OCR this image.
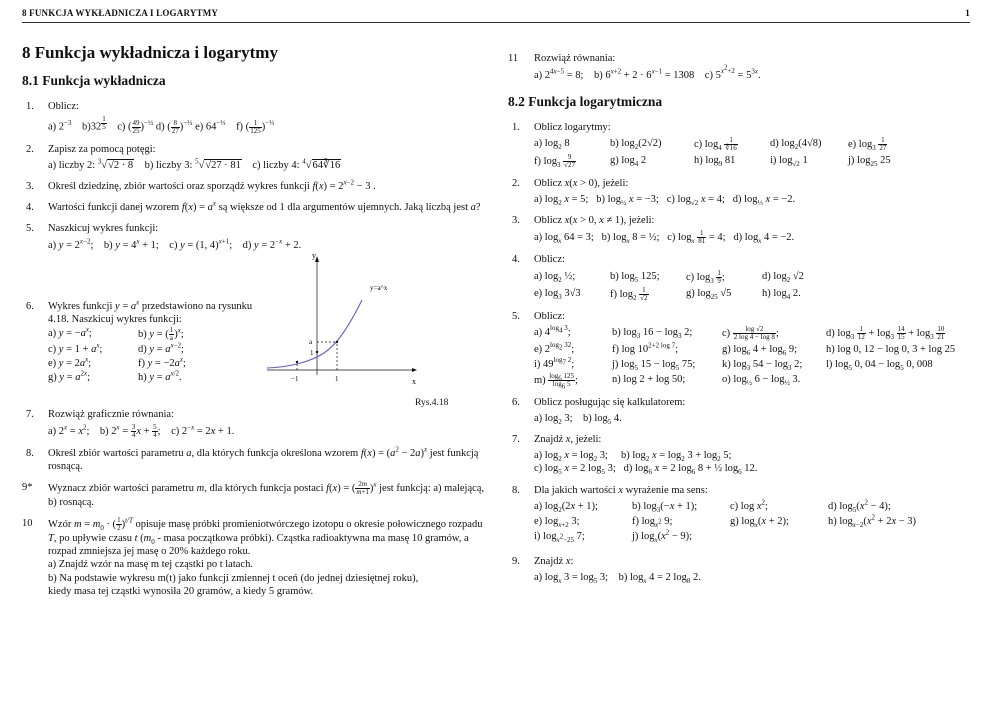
8 FUNKCJA WYKŁADNICZA I LOGARYTMY	1
8 Funkcja wykładnicza i logarytmy
8.1 Funkcja wykładnicza
1. Oblicz:
a) $2^{-3}$    b)32 $^{\frac{1}{5}}$ c) ( $\frac{49}{25} )^{-\frac{1}{2}}$ d) ( $\frac{8}{27} )^{-\frac{1}{3}}$ e) $64^{-\frac{1}{3}}$    f) ( $\frac{1}{125} )^{-\frac{1}{3}}$
2. Zapisz za pomocą potęgi:
a) liczby 2: $^3$√√2 · 8    b) liczby 3: $^5$√√27 · 81    c) liczby 4: $^4$√64∛16
3. Określ dziedzinę, zbiór wartości oraz sporządź wykres funkcji $f(x) = 2^{x-2} - 3$ .
4. Wartości funkcji danej wzorem $f(x) = a^x$ są większe od 1 dla argumentów ujemnych. Jaką liczbą jest a?
5. Naszkicuj wykres funkcji:
a) $y = 2^{x-2}$;    b) $y = 4^x + 1$;    c) y = (1, 4)$^{x+1}$;    d) $y = 2^{-x} + 2$.
6. Wykres funkcji $y = a^x$ przedstawiono na rysunku 4.18. Naszkicuj wykres funkcji:
a) $y = -a^x$;	b) y = ( $\frac{1}{a} )^x$;
c) $y = 1 + a^x$;	d) $y = a^{x-2}$;
e) $y = 2a^x$;	f) $y = -2a^x$;
g) $y = a^{2x}$;	h) $y = a^{x/2}$.
y
x
y=a^x
a
1
−1	1
Rys.4.18
7. Rozwiąż graficznie równania:
a) $2^x = x^2$;    b) $2^x = \frac{3}{4}$ $x + \frac{5}{4}$ ;    c) $2^{-x} = 2x + 1$.
8. Określ zbiór wartości parametru a, dla których funkcja określona wzorem $f(x) = (a^2 - 2a)^x$ jest funkcją rosnącą.
9* Wyznacz zbiór wartości parametru m, dla których funkcja postaci f(x) = ( $\frac{2m}{m+1} )^x$ jest funkcją: a) malejącą, b) rosnącą.
10 Wzór $m = m_0$ · ( $\frac{1}{2} )^{t/T}$ opisuje masę próbki promieniotwórczego izotopu o okresie połowicznego rozpadu T, po upływie czasu t ($m_0$ - masa początkowa próbki). Cząstka radioaktywna ma masę 10 gramów, a rozpad zmniejsza jej masę o 20% każdego roku.
a) Znajdź wzór na masę m tej cząstki po t latach.
b) Na podstawie wykresu m(t) jako funkcji zmiennej t oceń (do jednej dziesiętnej roku),
kiedy masa tej cząstki wynosiła 20 gramów, a kiedy 5 gramów.
11 Rozwiąż równania:
a) $2^{4x-5} = 8$;    b) $6^{x+2} + 2 \cdot 6^{x-1} = 1308$    c) $5^{x^2+2} = 5^{3x}$.
8.2 Funkcja logarytmiczna
1. Oblicz logarytmy:
a) $\log_2 8$	b) $\log_2(2√2)$	c) $\log_4 \frac{1}{∜16}$	d) $\log_2(4√8)$	e) $\log_3 \frac{1}{27}$
f) $\log_3 \frac{9}{√27}$	g) $\log_4 2$	h) $\log_9 81$	i) $\log_{√2} 1$	j) $\log_{25} 25$
2. Oblicz x(x > 0), jeżeli:
a) $\log_2 x = 5$;   b) $\log_{\frac{1}{2}} x = -3$;   c) $\log_{√2} x = 4$;   d) $\log_{\frac{1}{3}} x = -2$.
3. Oblicz x(x > 0, x ≠ 1), jeżeli:
a) $\log_x 64 = 3$;   b) $\log_x 8$ = ½;   c) $\log_x \frac{1}{81} = 4$;   d) $\log_x 4 = -2$.
4. Oblicz:
a) $\log_2$ ½;	b) $\log_5 125$;	c) $\log_3 \frac{1}{9}$ ;	d) $\log_2 √2$
e) $\log_3 3√3$	f) $\log_2 \frac{1}{√2}$	g) $\log_{25} √5$	h) $\log_4 2$.
5. Oblicz:
a) $4^{log_4 3}$;	b) $\log_3 16 - \log_3 2$;	$c) \frac{\log √2}{2 \log 4 - \log 8}$ ;	d) $\log_3 \frac{1}{12} + \log_3 \frac{14}{15} + \log_3 \frac{10}{21}$
e) $2^{log_2 32}$;	f) $\log 10^{2+2 log 7}$;	g) $\log_6 4 + \log_6 9$;	h) log 0, 12 − log 0, 3 + log 25
i) $49^{log_7 2}$;	j) $\log_5 15 - \log_5 75$;	k) $\log_3 54 - \log_3 2$;	l) $\log_5 0$, $04 - \log_5 0$, 008
$m) \frac{\log_6 125}{\log_6 5}$ ;	n) log 2 + log 50;	o) $\log_{\frac{1}{2}} 6 - \log_{\frac{1}{2}} 3$.
6. Oblicz posługując się kalkulatorem:
a) $\log_2 3$;    b) $\log_5 4$.
7. Znajdź x, jeżeli:
a) $\log_2 x = \log_2 3$;     b) $\log_2 x = \log_2 3 + \log_2 5$;
c) $\log_5 x = 2$ $\log_5 3$;   d) $\log_6 x = 2$ $\log_6 8$ + ½ $\log_6 12$.
8. Dla jakich wartości x wyrażenie ma sens:
a) $\log_2(2x + 1)$;	b) $\log_3(-x + 1)$;	c) $\log x^2$;	d) $\log_5(x^2 - 4)$;
e) $\log_{x+2} 3$;	f) $\log_{x^2} 9$;	g) $\log_x(x + 2)$;	h) $\log_{x-2}(x^2 + 2x - 3)$
i) $\log_{x^2-25} 7$;	j) $\log_x(x^2 - 9)$;
9. Znajdź x:
a) $\log_x 3 = \log_5 3$;    b) $\log_x 4 = 2$ $\log_8 2$.
